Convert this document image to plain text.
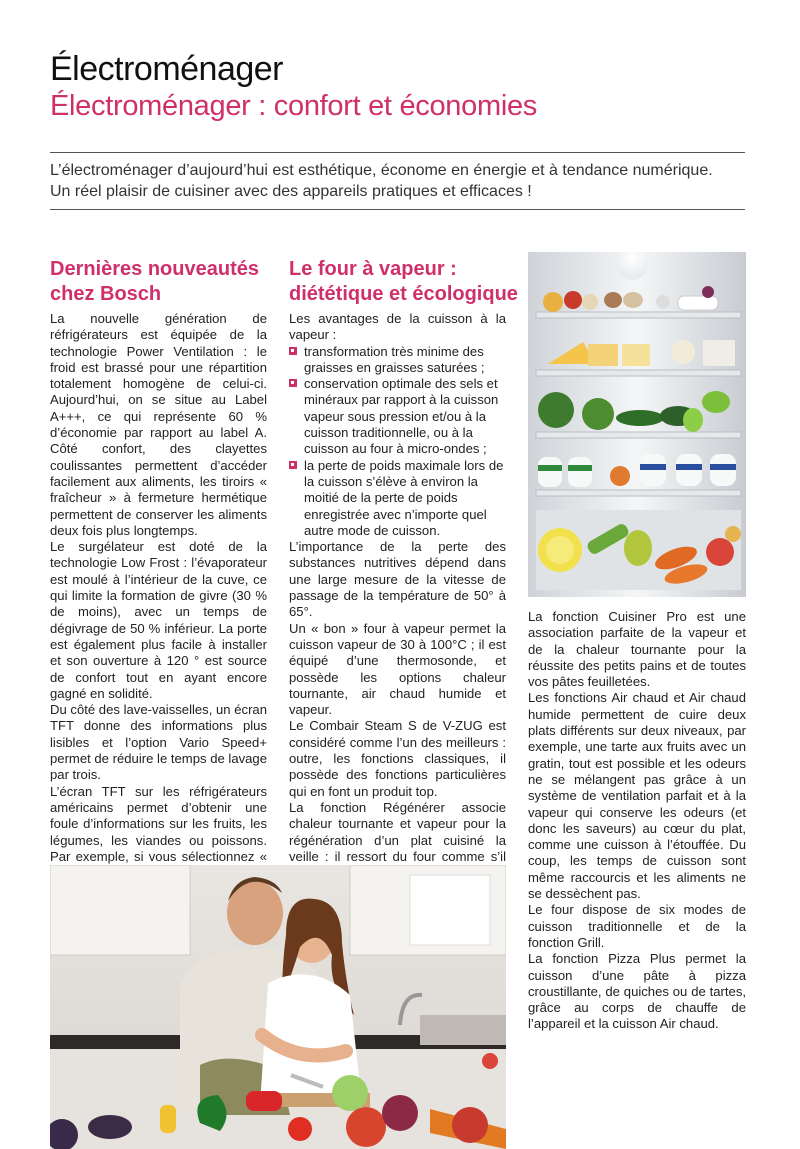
Électroménager
Électroménager : confort et économies

L’électroménager d’aujourd’hui est esthétique, économe en énergie et à tendance numérique.

Un réel plaisir de cuisiner avec des appareils pratiques et efficaces !

Dernières nouveautés
chez Bosch

La nouvelle génération de réfrigérateurs est équipée de la technologie Power Ventilation : le froid est brassé pour une répartition totalement homogène de celui-ci. Aujourd’hui, on se situe au Label A+++, ce qui représente 60 % d’économie par rapport au label A. Côté confort, des clayettes coulissantes permettent d’accéder facilement aux aliments, les tiroirs « fraîcheur » à fermeture hermétique permettent de conserver les aliments deux fois plus longtemps.

Le surgélateur est doté de la technologie Low Frost : l’évaporateur est moulé à l’intérieur de la cuve, ce qui limite la formation de givre (30 % de moins), avec un temps de dégivrage de 50 % inférieur. La porte est également plus facile à installer et son ouverture à 120 ° est source de confort tout en ayant encore gagné en solidité.

Du côté des lave-vaisselles, un écran TFT donne des informations plus lisibles et l’option Vario Speed+ permet de réduire le temps de lavage par trois.

L’écran TFT sur les réfrigérateurs américains permet d’obtenir une foule d’informations sur les fruits, les légumes, les viandes ou poissons. Par exemple, si vous sélectionnez «

Le four à vapeur :
diététique et écologique

Les avantages de la cuisson à la vapeur :

transformation très minime des graisses en graisses saturées ;
conservation optimale des sels et minéraux par rapport à la cuisson vapeur sous pression et/ou à la cuisson traditionnelle, ou à la cuisson au four à micro-ondes ;
la perte de poids maximale lors de la cuisson s’élève à environ la moitié de la perte de poids enregistrée avec n’importe quel autre mode de cuisson.

L’importance de la perte des substances nutritives dépend dans une large mesure de la vitesse de passage de la température de 50° à 65°.

Un « bon » four à vapeur permet la cuisson vapeur de 30 à 100°C ; il est équipé d’une thermosonde, et possède les options chaleur tournante, air chaud humide et vapeur.

Le Combair Steam S de V-ZUG est considéré comme l’un des meilleurs : outre, les fonctions classiques, il possède des fonctions particulières qui en font un produit top.

La fonction Régénérer associe chaleur tournante et vapeur pour la régénération d’un plat cuisiné la veille : il ressort du four comme s’il

La fonction Cuisiner Pro est une association parfaite de la vapeur et de la chaleur tournante pour la réussite des petits pains et de toutes vos pâtes feuilletées.

Les fonctions Air chaud et Air chaud humide permettent de cuire deux plats différents sur deux niveaux, par exemple, une tarte aux fruits avec un gratin, tout est possible et les odeurs ne se mélangent pas grâce à un système de ventilation parfait et à la vapeur qui conserve les odeurs (et donc les saveurs) au cœur du plat, comme une cuisson à l’étouffée. Du coup, les temps de cuisson sont même raccourcis et les aliments ne se dessèchent pas.

Le four dispose de six modes de cuisson traditionnelle et de la fonction Grill.

La fonction Pizza Plus permet la cuisson d’une pâte à pizza croustillante, de quiches ou de tartes, grâce au corps de chauffe de l’appareil et la cuisson Air chaud.
